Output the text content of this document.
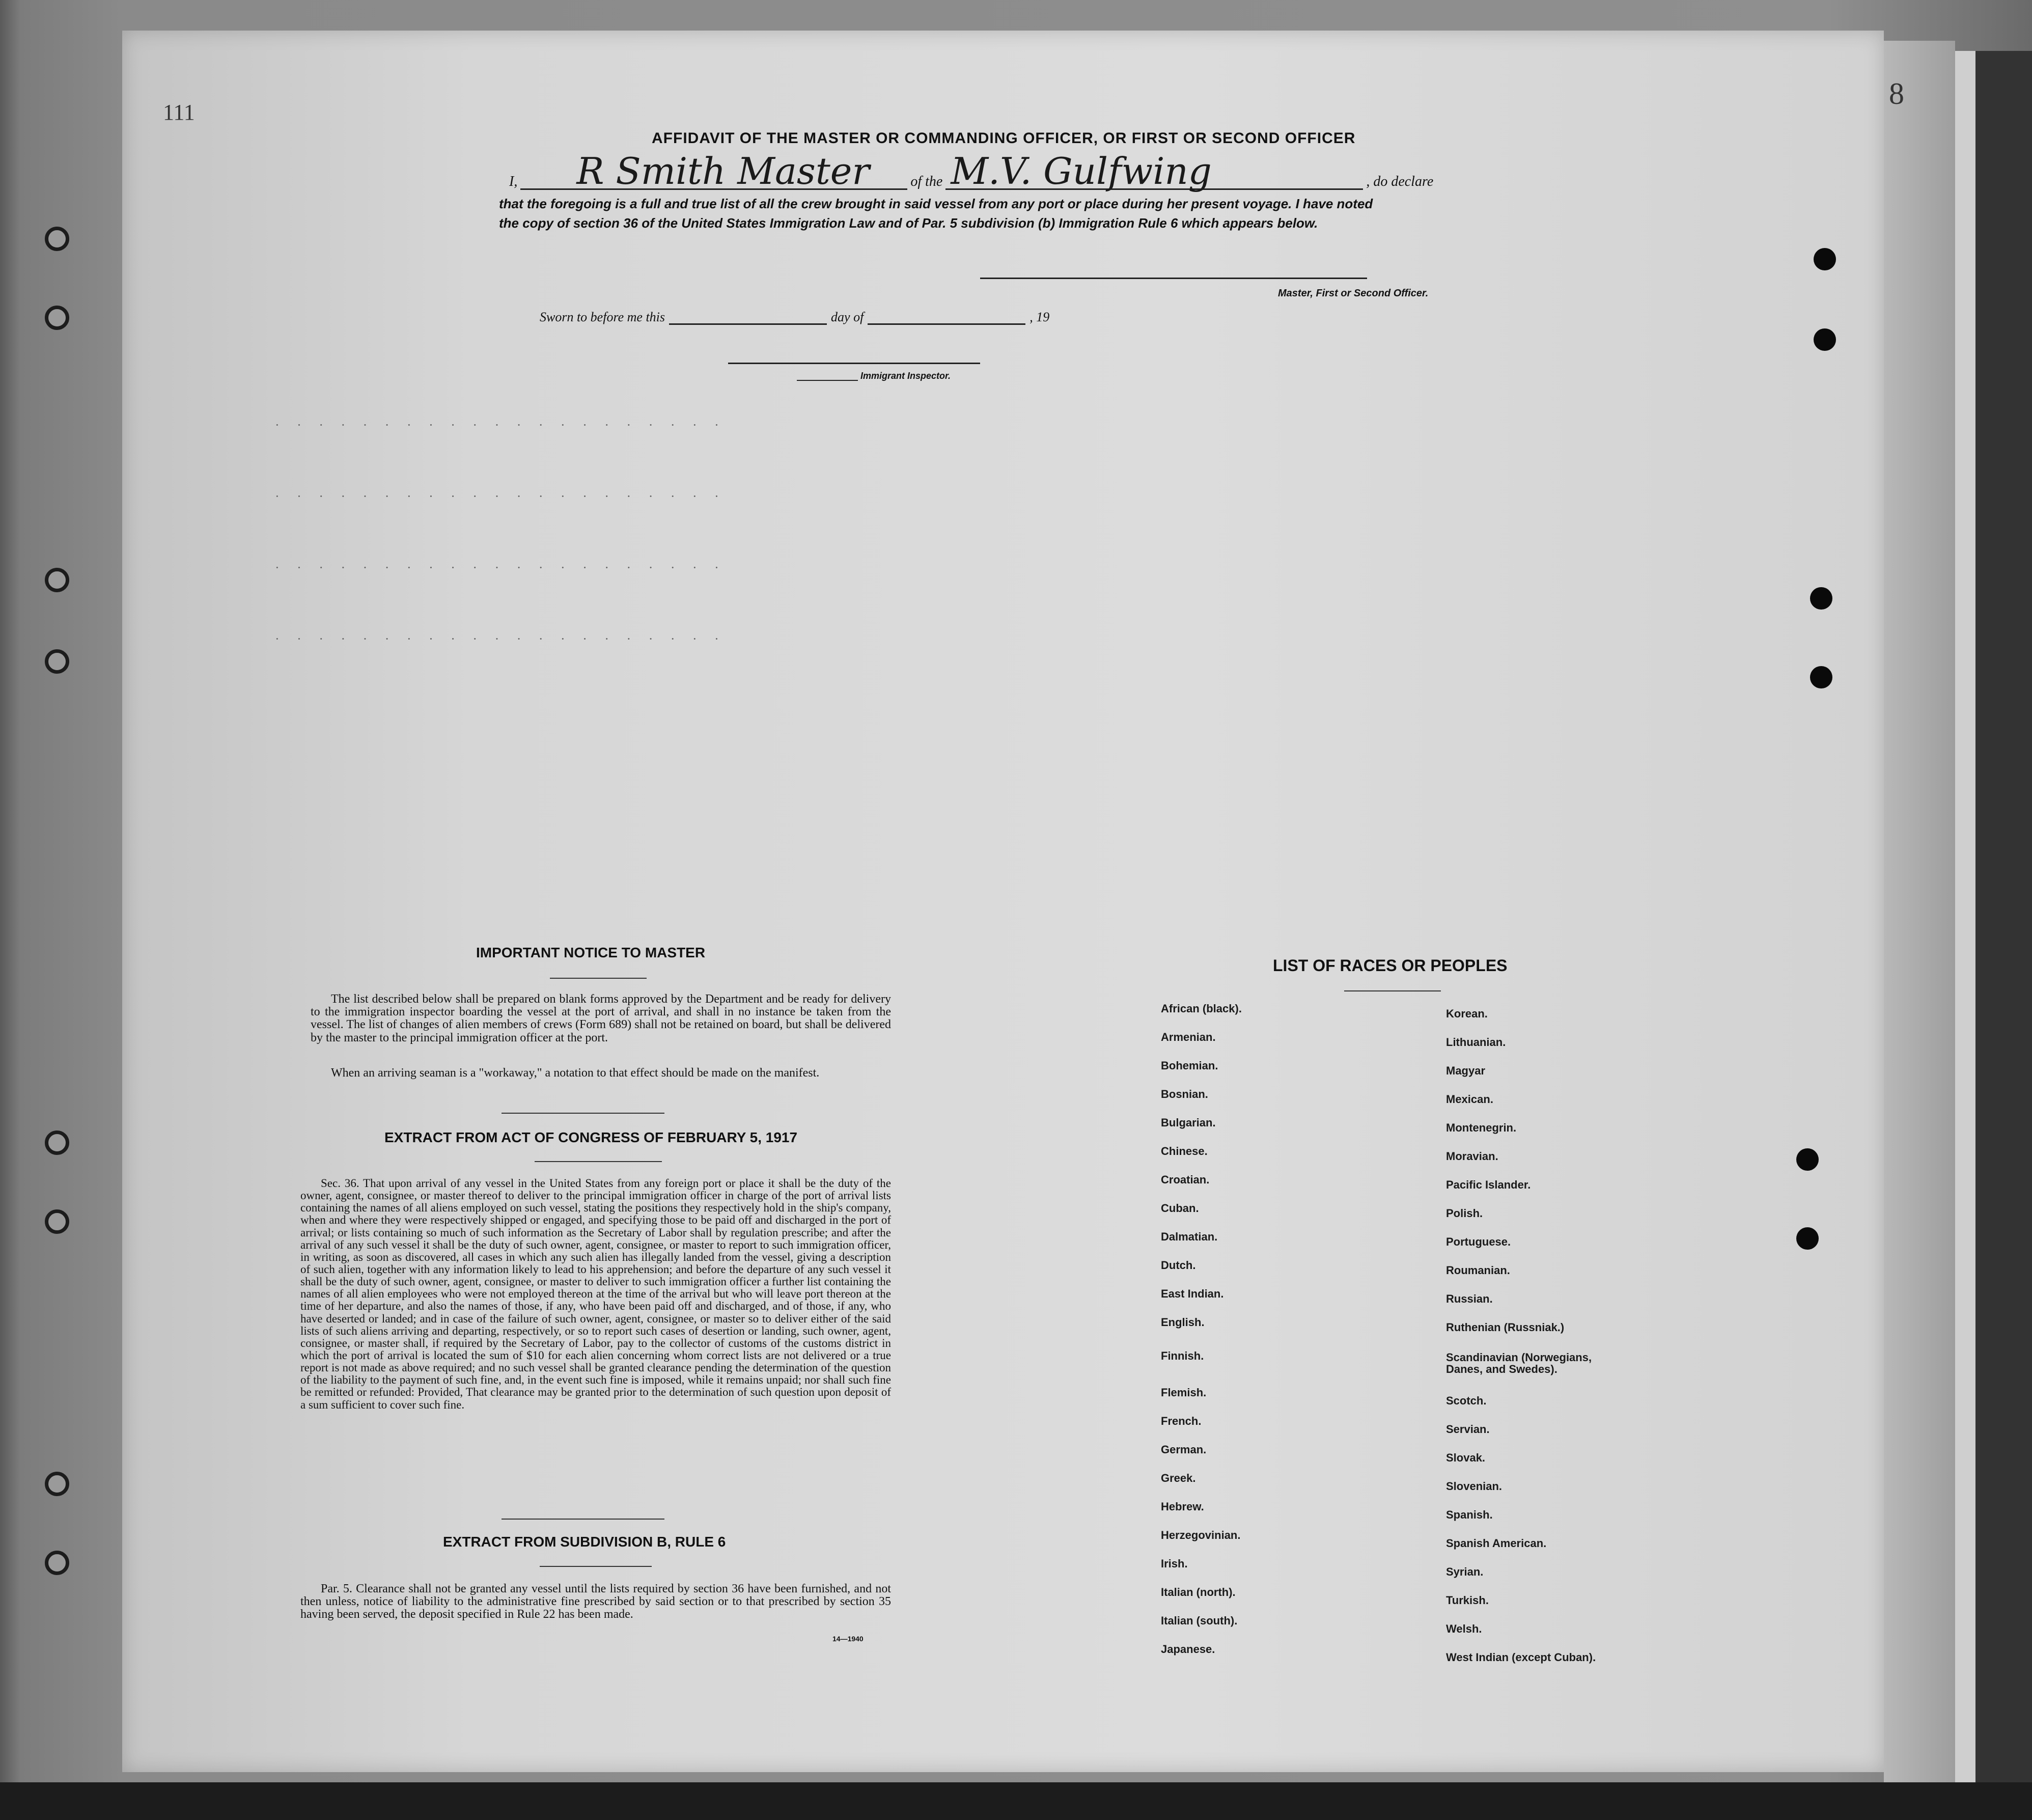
· · · · · · · · · · · · · · · · · · · · ·
· · · · · · · · · · · · · · · · · · · · ·
· · · · · · · · · · · · · · · · · · · · ·
· · · · · · · · · · · · · · · · · · · · ·
111
8
AFFIDAVIT OF THE MASTER OR COMMANDING OFFICER, OR FIRST OR SECOND OFFICER
I, R Smith Master	of the M.V. Gulfwing	, do declare
that the foregoing is a full and true list of all the crew brought in said vessel from any port or place during her present voyage. I have noted
the copy of section 36 of the United States Immigration Law and of Par. 5 subdivision (b) Immigration Rule 6 which appears below.
Master, First or Second Officer.
Sworn to before me this	day of	, 19
Immigrant Inspector.
IMPORTANT NOTICE TO MASTER
The list described below shall be prepared on blank forms approved by the Department and be ready for delivery to the immigration inspector boarding the vessel at the port of arrival, and shall in no instance be taken from the vessel. The list of changes of alien members of crews (Form 689) shall not be retained on board, but shall be delivered by the master to the principal immigration officer at the port.
When an arriving seaman is a "workaway," a notation to that effect should be made on the manifest.
EXTRACT FROM ACT OF CONGRESS OF FEBRUARY 5, 1917
Sec. 36. That upon arrival of any vessel in the United States from any foreign port or place it shall be the duty of the owner, agent, consignee, or master thereof to deliver to the principal immigration officer in charge of the port of arrival lists containing the names of all aliens employed on such vessel, stating the positions they respectively hold in the ship's company, when and where they were respectively shipped or engaged, and specifying those to be paid off and discharged in the port of arrival; or lists containing so much of such information as the Secretary of Labor shall by regulation prescribe; and after the arrival of any such vessel it shall be the duty of such owner, agent, consignee, or master to report to such immigration officer, in writing, as soon as discovered, all cases in which any such alien has illegally landed from the vessel, giving a description of such alien, together with any information likely to lead to his apprehension; and before the departure of any such vessel it shall be the duty of such owner, agent, consignee, or master to deliver to such immigration officer a further list containing the names of all alien employees who were not employed thereon at the time of the arrival but who will leave port thereon at the time of her departure, and also the names of those, if any, who have been paid off and discharged, and of those, if any, who have deserted or landed; and in case of the failure of such owner, agent, consignee, or master so to deliver either of the said lists of such aliens arriving and departing, respectively, or so to report such cases of desertion or landing, such owner, agent, consignee, or master shall, if required by the Secretary of Labor, pay to the collector of customs of the customs district in which the port of arrival is located the sum of $10 for each alien concerning whom correct lists are not delivered or a true report is not made as above required; and no such vessel shall be granted clearance pending the determination of the question of the liability to the payment of such fine, and, in the event such fine is imposed, while it remains unpaid; nor shall such fine be remitted or refunded: Provided, That clearance may be granted prior to the determination of such question upon deposit of a sum sufficient to cover such fine.
EXTRACT FROM SUBDIVISION B, RULE 6
Par. 5. Clearance shall not be granted any vessel until the lists required by section 36 have been furnished, and not then unless, notice of liability to the administrative fine prescribed by said section or to that prescribed by section 35 having been served, the deposit specified in Rule 22 has been made.
14—1940
LIST OF RACES OR PEOPLES
African (black).
Armenian.
Bohemian.
Bosnian.
Bulgarian.
Chinese.
Croatian.
Cuban.
Dalmatian.
Dutch.
East Indian.
English.
Finnish.
Flemish.
French.
German.
Greek.
Hebrew.
Herzegovinian.
Irish.
Italian (north).
Italian (south).
Japanese.
Korean.
Lithuanian.
Magyar
Mexican.
Montenegrin.
Moravian.
Pacific Islander.
Polish.
Portuguese.
Roumanian.
Russian.
Ruthenian (Russniak.)
Scandinavian (Norwegians, Danes, and Swedes).
Scotch.
Servian.
Slovak.
Slovenian.
Spanish.
Spanish American.
Syrian.
Turkish.
Welsh.
West Indian (except Cuban).
